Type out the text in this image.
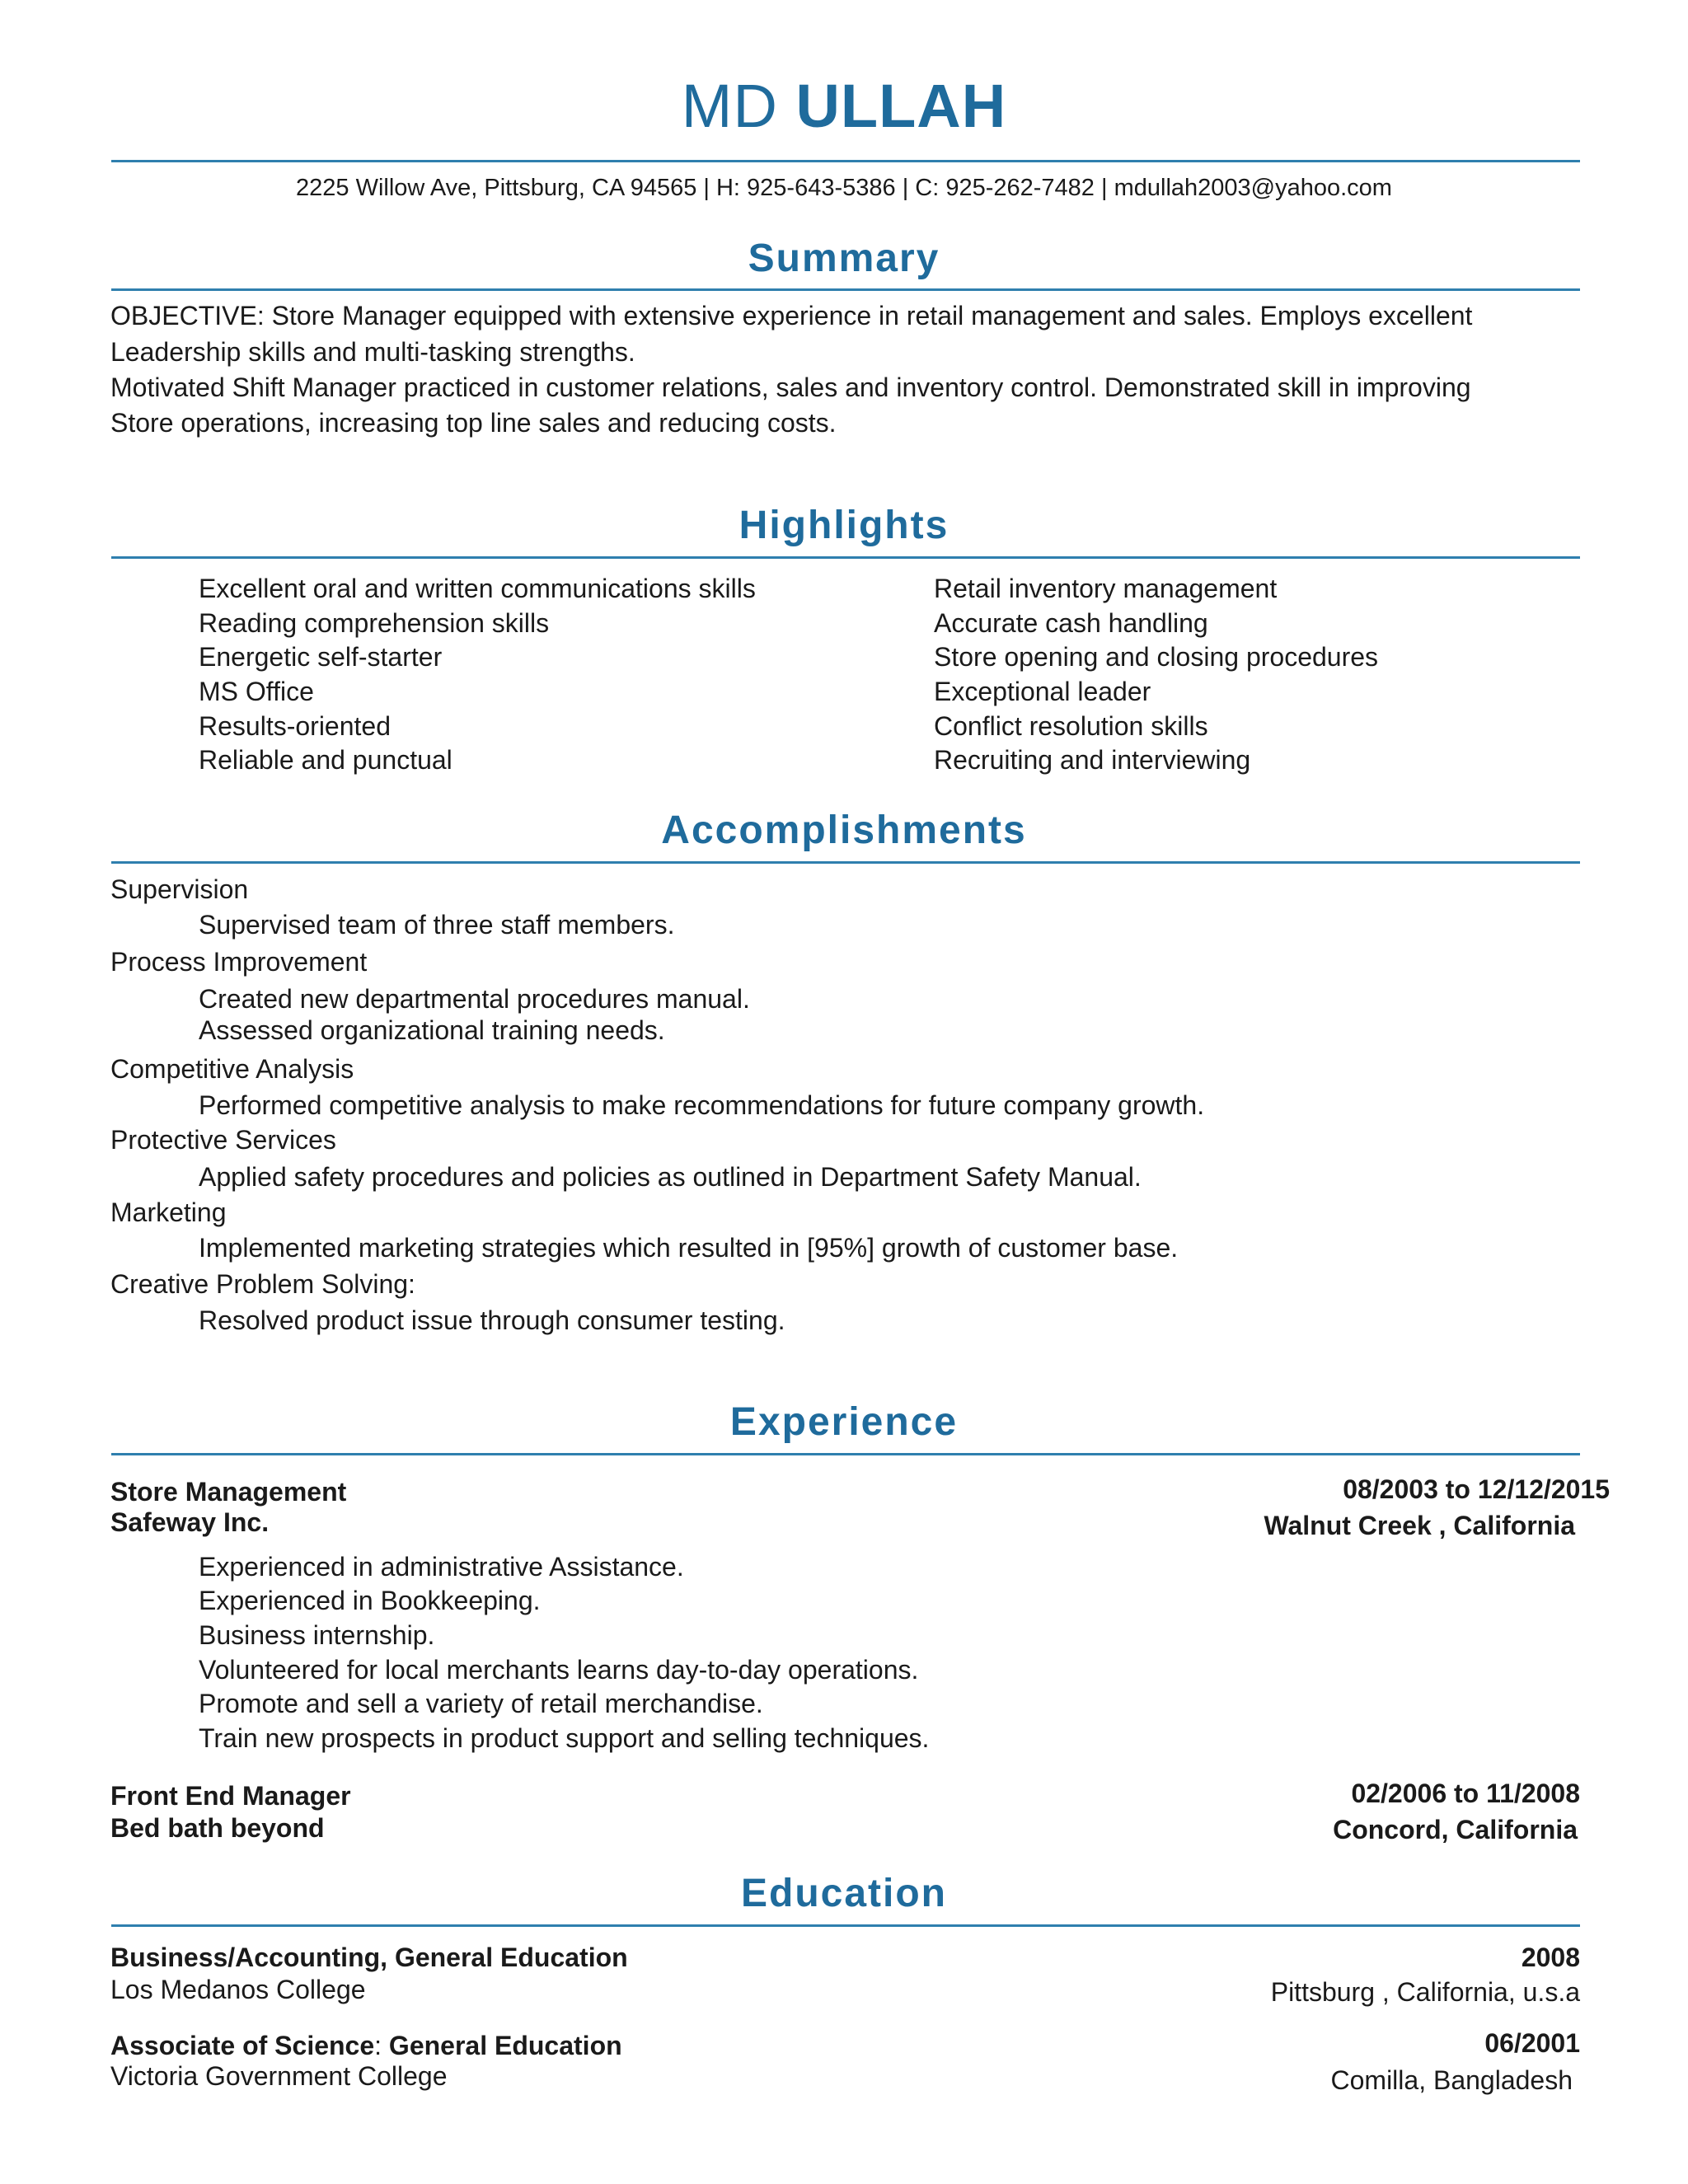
MD ULLAH
2225 Willow Ave, Pittsburg, CA 94565 | H: 925-643-5386 | C: 925-262-7482 | mdullah2003@yahoo.com
Summary
OBJECTIVE: Store Manager equipped with extensive experience in retail management and sales. Employs excellent
Leadership skills and multi-tasking strengths.
Motivated Shift Manager practiced in customer relations, sales and inventory control. Demonstrated skill in improving
Store operations, increasing top line sales and reducing costs.
Highlights
Excellent oral and written communications skills
Reading comprehension skills
Energetic self-starter
MS Office
Results-oriented
Reliable and punctual
Retail inventory management
Accurate cash handling
Store opening and closing procedures
Exceptional leader
Conflict resolution skills
Recruiting and interviewing
Accomplishments
Supervision
Supervised team of three staff members.
Process Improvement
Created new departmental procedures manual.
Assessed organizational training needs.
Competitive Analysis
Performed competitive analysis to make recommendations for future company growth.
Protective Services
Applied safety procedures and policies as outlined in Department Safety Manual.
Marketing
Implemented marketing strategies which resulted in [95%] growth of customer base.
Creative Problem Solving:
Resolved product issue through consumer testing.
Experience
Store Management	08/2003 to 12/12/2015
Safeway Inc.	Walnut Creek , California
Experienced in administrative Assistance.
Experienced in Bookkeeping.
Business internship.
Volunteered for local merchants learns day-to-day operations.
Promote and sell a variety of retail merchandise.
Train new prospects in product support and selling techniques.
Front End Manager	02/2006 to 11/2008
Bed bath beyond	Concord, California
Education
Business/Accounting, General Education	2008
Los Medanos College	Pittsburg , California, u.s.a
Associate of Science: General Education	06/2001
Victoria Government College	Comilla, Bangladesh
